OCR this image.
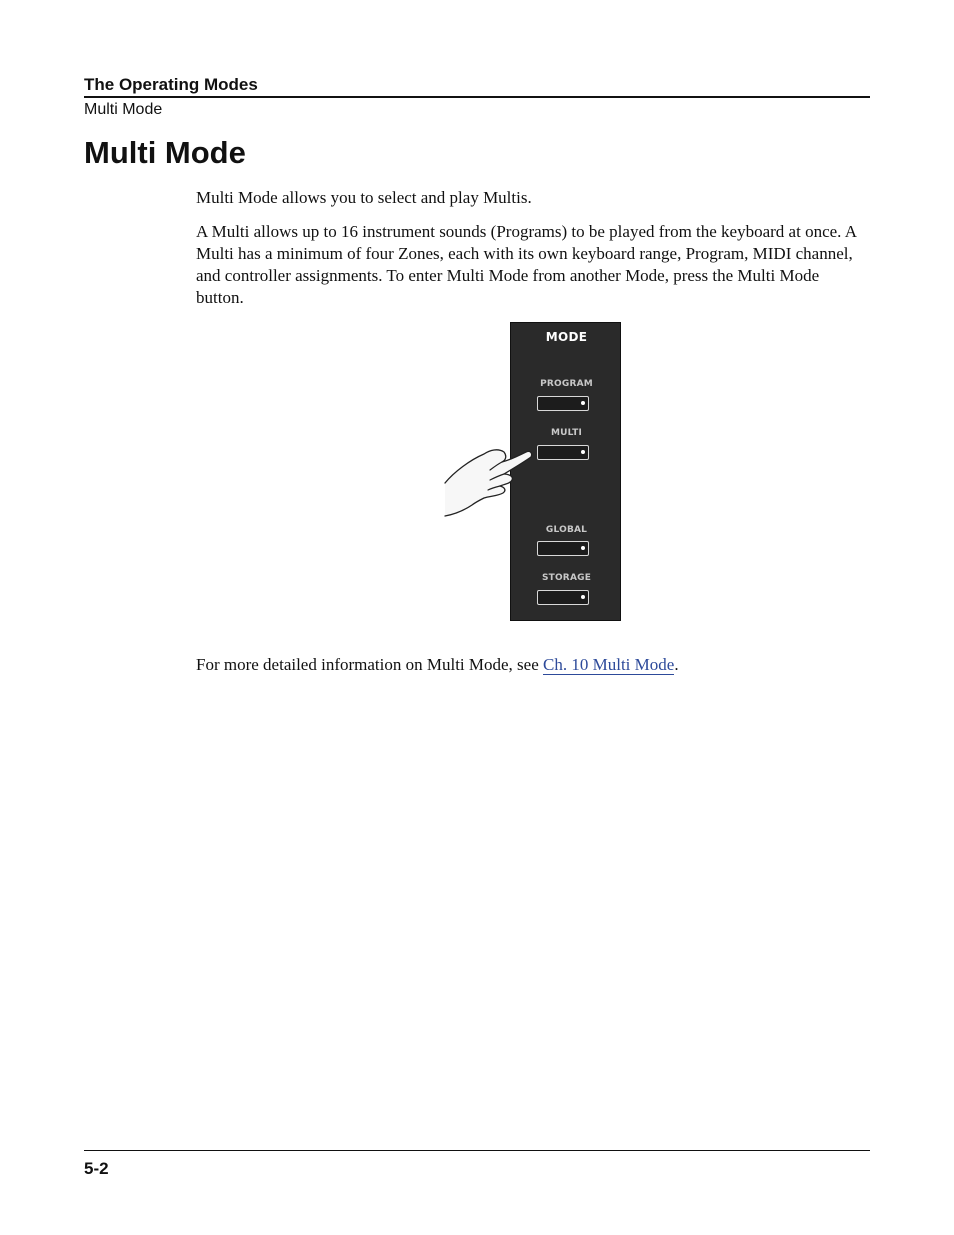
The Operating Modes
Multi Mode
Multi Mode

Multi Mode allows you to select and play Multis.

A Multi allows up to 16 instrument sounds (Programs) to be played from the keyboard at once. A Multi has a minimum of four Zones, each with its own keyboard range, Program, MIDI channel, and controller assignments. To enter Multi Mode from another Mode, press the Multi Mode button.

MODE
PROGRAM
MULTI
GLOBAL
STORAGE

For more detailed information on Multi Mode, see Ch. 10 Multi Mode.

5-2
